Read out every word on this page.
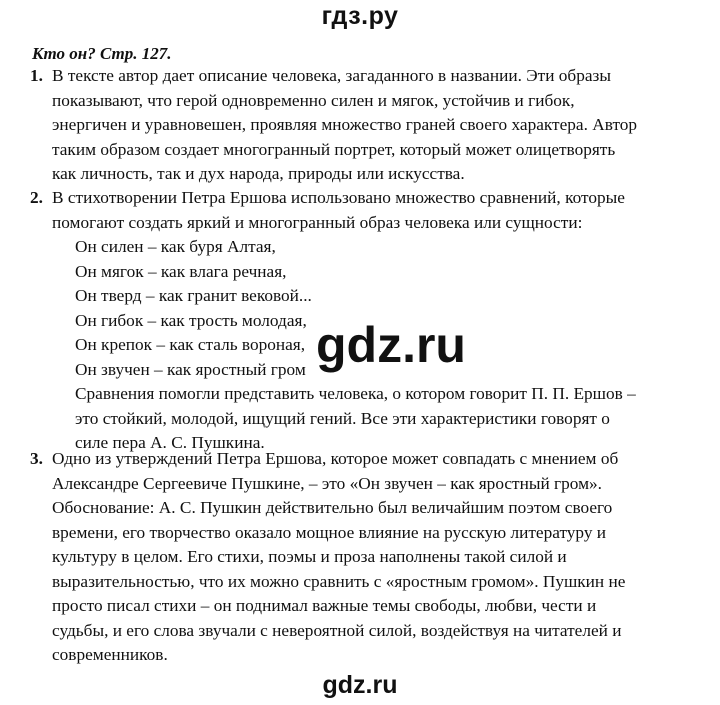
гдз.ру
Кто он? Стр. 127.
1. В тексте автор дает описание человека, загаданного в названии. Эти образы
показывают, что герой одновременно силен и мягок, устойчив и гибок,
энергичен и уравновешен, проявляя множество граней своего характера. Автор
таким образом создает многогранный портрет, который может олицетворять
как личность, так и дух народа, природы или искусства.
2. В стихотворении Петра Ершова использовано множество сравнений, которые
помогают создать яркий и многогранный образ человека или сущности:
Он силен – как буря Алтая,
Он мягок – как влага речная,
Он тверд – как гранит вековой...
Он гибок – как трость молодая,
Он крепок – как сталь вороная,
Он звучен – как яростный гром
Сравнения помогли представить человека, о котором говорит П. П. Ершов –
это стойкий, молодой, ищущий гений. Все эти характеристики говорят о
силе пера А. С. Пушкина.
3. Одно из утверждений Петра Ершова, которое может совпадать с мнением об
Александре Сергеевиче Пушкине, – это «Он звучен – как яростный гром».
Обоснование: А. С. Пушкин действительно был величайшим поэтом своего
времени, его творчество оказало мощное влияние на русскую литературу и
культуру в целом. Его стихи, поэмы и проза наполнены такой силой и
выразительностью, что их можно сравнить с «яростным громом». Пушкин не
просто писал стихи – он поднимал важные темы свободы, любви, чести и
судьбы, и его слова звучали с невероятной силой, воздействуя на читателей и
современников.
gdz.ru
gdz.ru
